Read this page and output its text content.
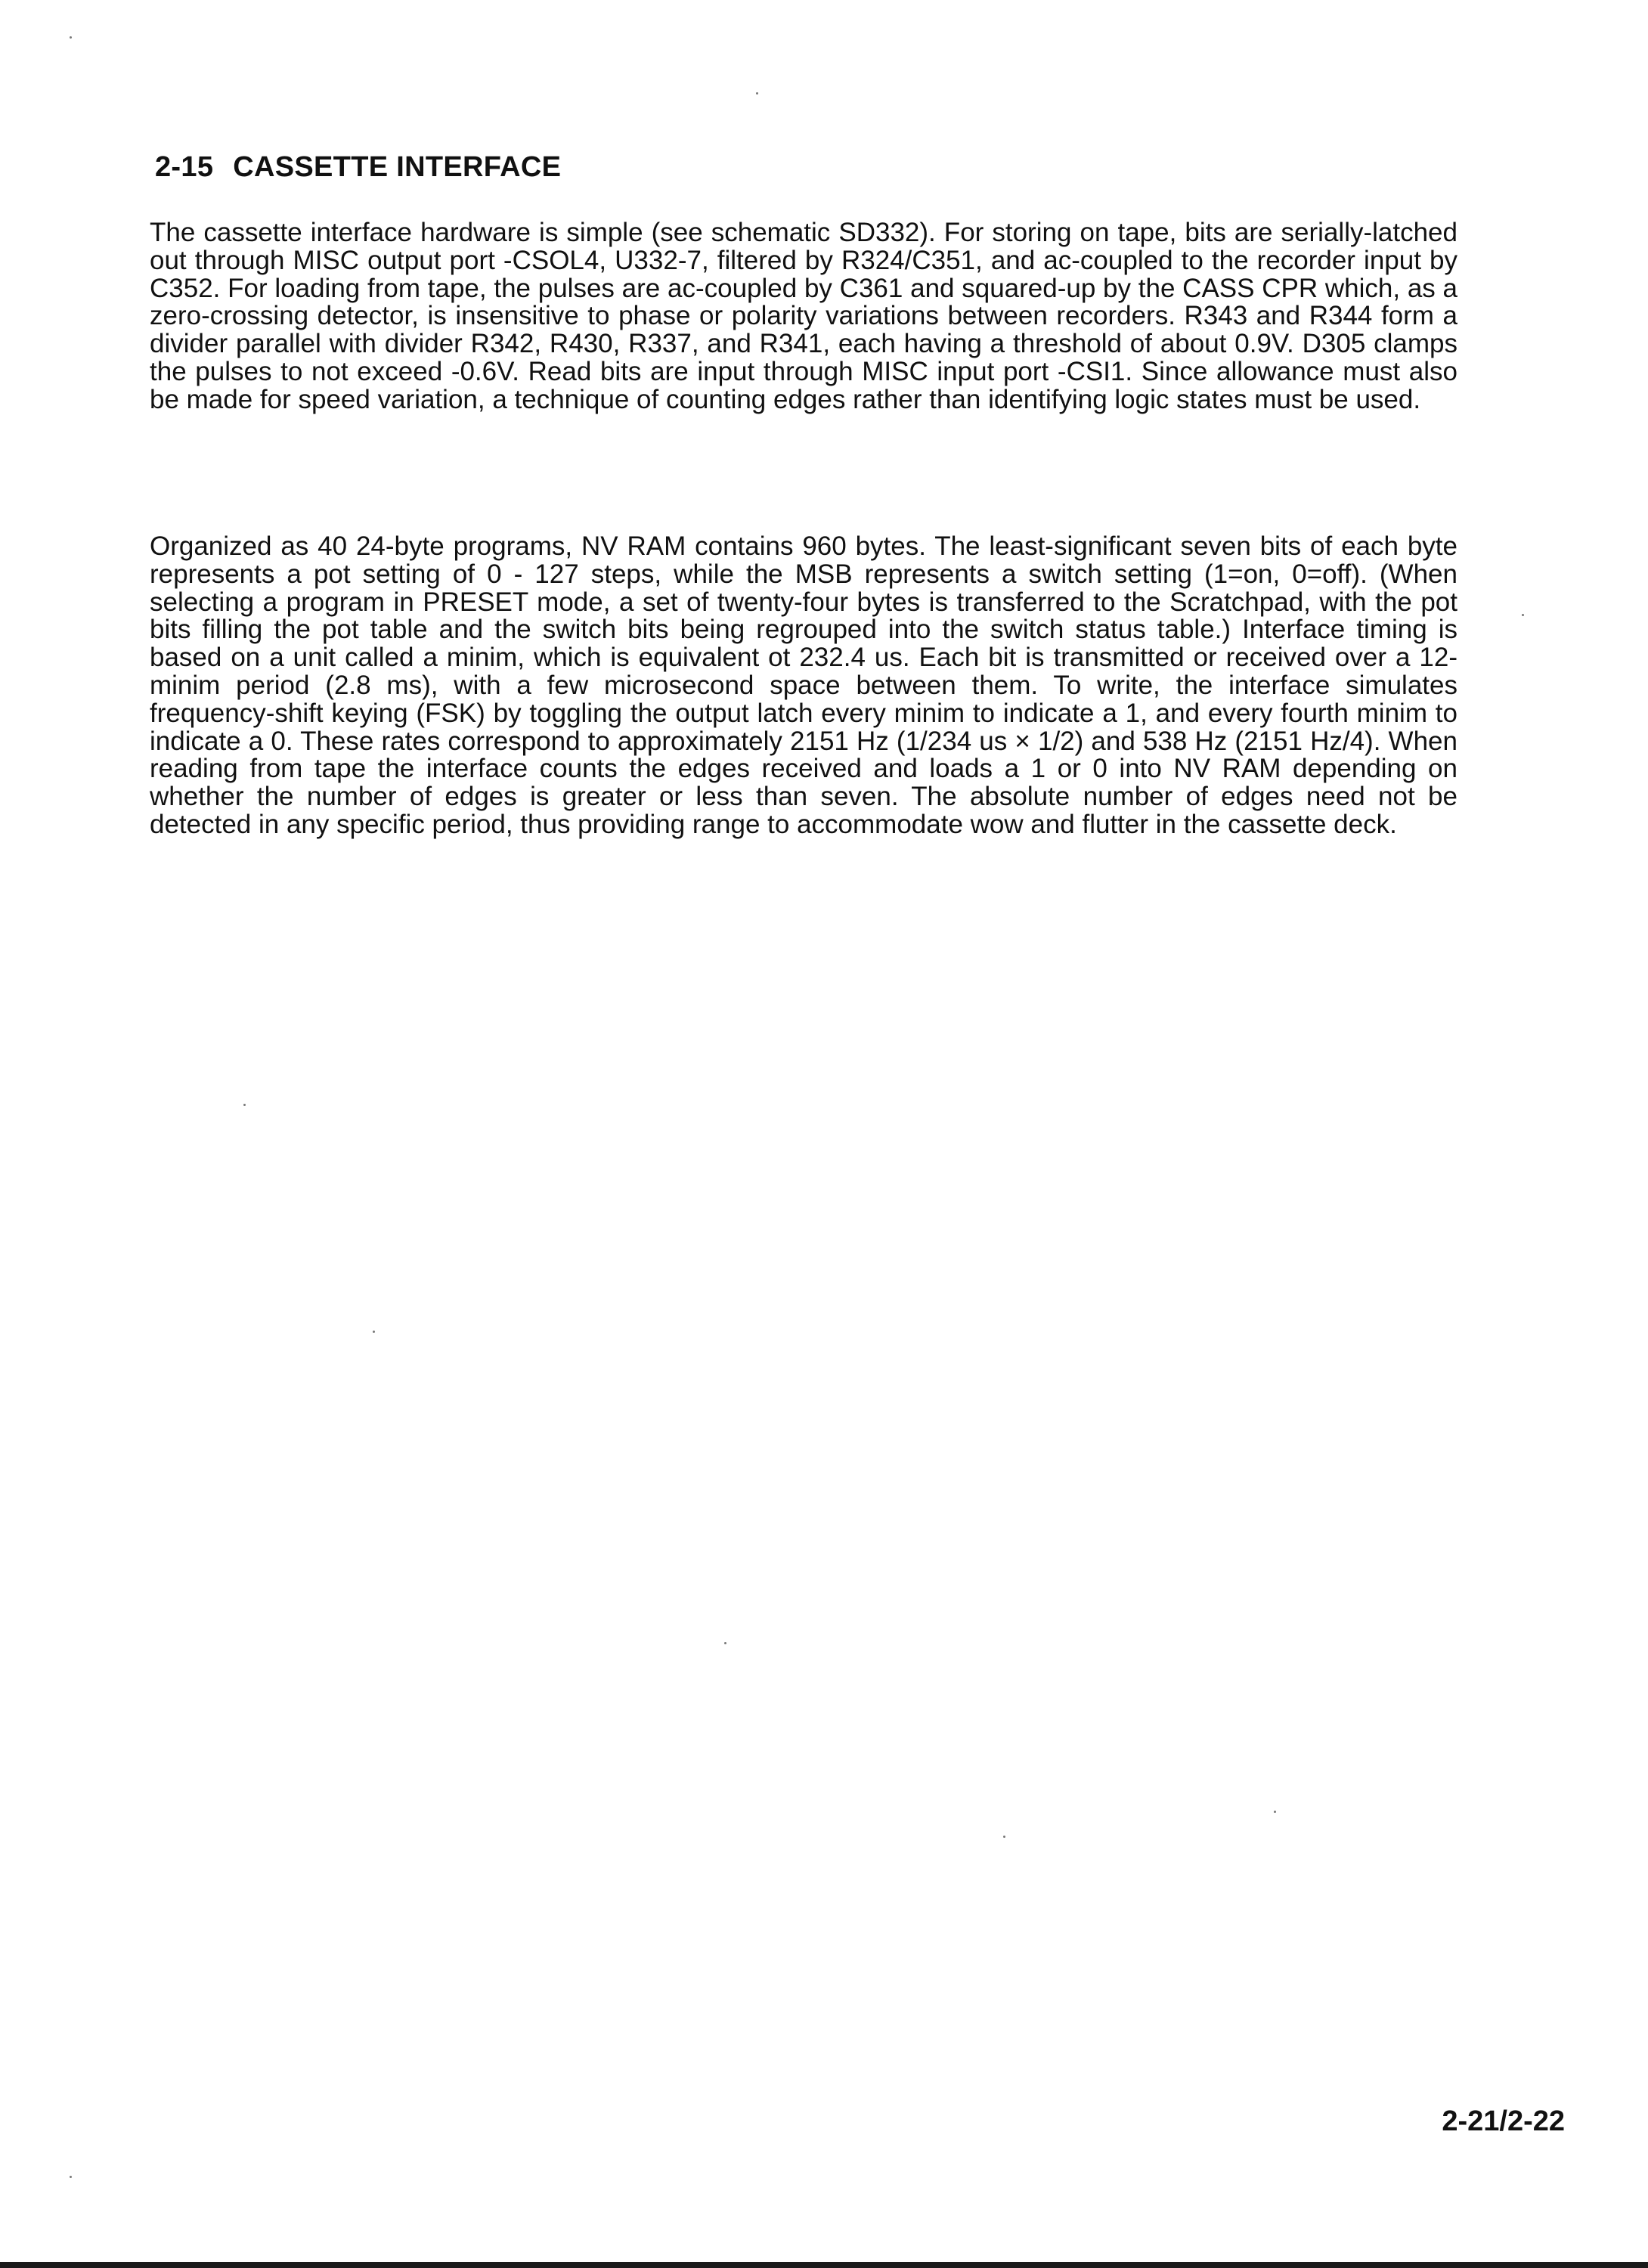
2-15 CASSETTE INTERFACE

The cassette interface hardware is simple (see schematic SD332). For storing on tape, bits are serially-latched out through MISC output port -CSOL4, U332-7, filtered by R324/C351, and ac-coupled to the recorder input by C352. For loading from tape, the pulses are ac-coupled by C361 and squared-up by the CASS CPR which, as a zero-crossing detector, is insensitive to phase or polarity variations between recorders. R343 and R344 form a divider parallel with divider R342, R430, R337, and R341, each having a threshold of about 0.9V. D305 clamps the pulses to not exceed -0.6V. Read bits are input through MISC input port -CSI1. Since allowance must also be made for speed variation, a technique of counting edges rather than identifying logic states must be used.

Organized as 40 24-byte programs, NV RAM contains 960 bytes. The least-significant seven bits of each byte represents a pot setting of 0 - 127 steps, while the MSB represents a switch setting (1=on, 0=off). (When selecting a program in PRESET mode, a set of twenty-four bytes is transferred to the Scratchpad, with the pot bits filling the pot table and the switch bits being regrouped into the switch status table.) Interface timing is based on a unit called a minim, which is equivalent ot 232.4 us. Each bit is transmitted or received over a 12-minim period (2.8 ms), with a few microsecond space between them. To write, the interface simulates frequency-shift keying (FSK) by toggling the output latch every minim to indicate a 1, and every fourth minim to indicate a 0. These rates correspond to approximately 2151 Hz (1/234 us × 1/2) and 538 Hz (2151 Hz/4). When reading from tape the interface counts the edges received and loads a 1 or 0 into NV RAM depending on whether the number of edges is greater or less than seven. The absolute number of edges need not be detected in any specific period, thus providing range to accommodate wow and flutter in the cassette deck.

2-21/2-22
